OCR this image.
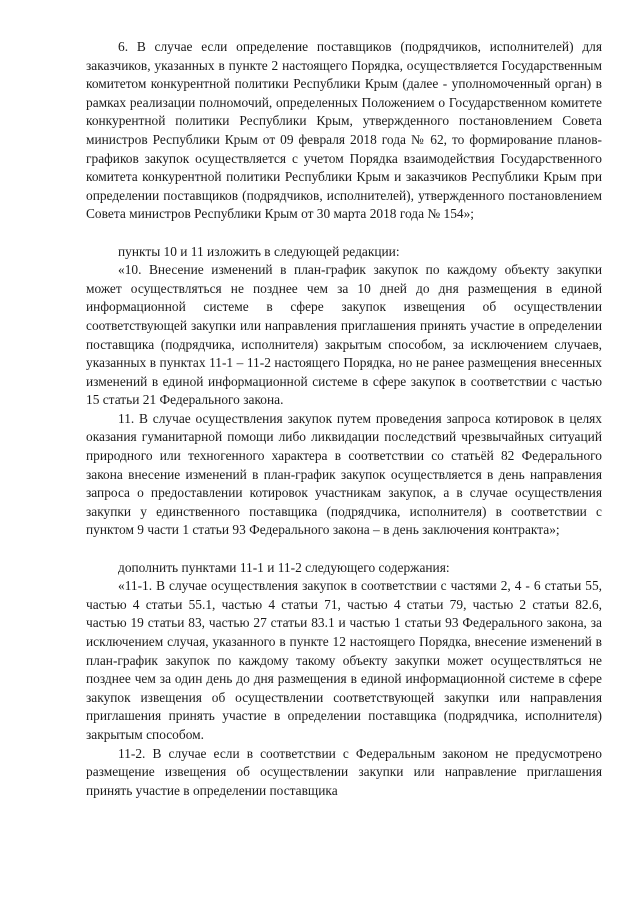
6. В случае если определение поставщиков (подрядчиков, исполнителей) для заказчиков, указанных в пункте 2 настоящего Порядка, осуществляется Государственным комитетом конкурентной политики Республики Крым (далее - уполномоченный орган) в рамках реализации полномочий, определенных Положением о Государственном комитете конкурентной политики Республики Крым, утвержденного постановлением Совета министров Республики Крым от 09 февраля 2018 года № 62, то формирование планов-графиков закупок осуществляется с учетом Порядка взаимодействия Государственного комитета конкурентной политики Республики Крым и заказчиков Республики Крым при определении поставщиков (подрядчиков, исполнителей), утвержденного постановлением Совета министров Республики Крым от 30 марта 2018 года № 154»;

пункты 10 и 11 изложить в следующей редакции:

«10. Внесение изменений в план-график закупок по каждому объекту закупки может осуществляться не позднее чем за 10 дней до дня размещения в единой информационной системе в сфере закупок извещения об осуществлении соответствующей закупки или направления приглашения принять участие в определении поставщика (подрядчика, исполнителя) закрытым способом, за исключением случаев, указанных в пунктах 11-1 – 11-2 настоящего Порядка, но не ранее размещения внесенных изменений в единой информационной системе в сфере закупок в соответствии с частью 15 статьи 21 Федерального закона.

11. В случае осуществления закупок путем проведения запроса котировок в целях оказания гуманитарной помощи либо ликвидации последствий чрезвычайных ситуаций природного или техногенного характера в соответствии со статьёй 82 Федерального закона внесение изменений в план-график закупок осуществляется в день направления запроса о предоставлении котировок участникам закупок, а в случае осуществления закупки у единственного поставщика (подрядчика, исполнителя) в соответствии с пунктом 9 части 1 статьи 93 Федерального закона – в день заключения контракта»;

дополнить пунктами 11-1 и 11-2 следующего содержания:

«11-1. В случае осуществления закупок в соответствии с частями 2, 4 - 6 статьи 55, частью 4 статьи 55.1, частью 4 статьи 71, частью 4 статьи 79, частью 2 статьи 82.6, частью 19 статьи 83, частью 27 статьи 83.1 и частью 1 статьи 93 Федерального закона, за исключением случая, указанного в пункте 12 настоящего Порядка, внесение изменений в план-график закупок по каждому такому объекту закупки может осуществляться не позднее чем за один день до дня размещения в единой информационной системе в сфере закупок извещения об осуществлении соответствующей закупки или направления приглашения принять участие в определении поставщика (подрядчика, исполнителя) закрытым способом.

11-2. В случае если в соответствии с Федеральным законом не предусмотрено размещение извещения об осуществлении закупки или направление приглашения принять участие в определении поставщика
